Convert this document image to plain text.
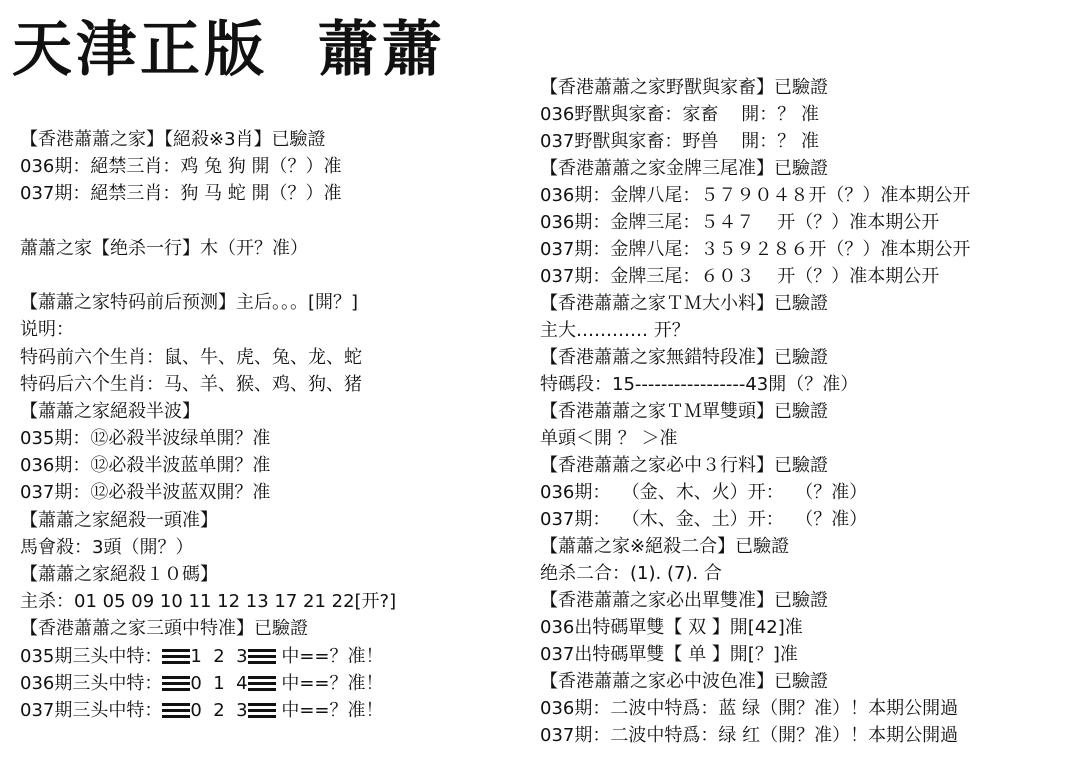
天津正版  蕭蕭
【香港蕭蕭之家】【絕殺※3肖】已驗證
036期：絕禁三肖：鸡 兔 狗 開（？）准
037期：絕禁三肖：狗 马 蛇 開（？）准
蕭蕭之家【绝杀一行】木（开？准）
【蕭蕭之家特码前后预测】主后。。。[開？]
说明：
特码前六个生肖：鼠、牛、虎、兔、龙、蛇
特码后六个生肖：马、羊、猴、鸡、狗、猪
【蕭蕭之家絕殺半波】
035期：⑫必殺半波绿单開？准
036期：⑫必殺半波蓝单開？准
037期：⑫必殺半波蓝双開？准
【蕭蕭之家絕殺一頭准】
馬會殺：3頭（開？）
【蕭蕭之家絕殺１０碼】
主杀：01 05 09 10 11 12 13 17 21 22[开?]
【香港蕭蕭之家三頭中特准】已驗證
035期三头中特： 1  2  3 中==？准！
036期三头中特： 0  1  4 中==？准！
037期三头中特： 0  2  3 中==？准！
【香港蕭蕭之家野獸與家畜】已驗證
036野獸與家畜：家畜    開：？ 准
037野獸與家畜：野兽    開：？ 准
【香港蕭蕭之家金牌三尾准】已驗證
036期：金牌八尾：５７９０４８开（？）准本期公开
036期：金牌三尾：５４７    开（？）准本期公开
037期：金牌八尾：３５９２８６开（？）准本期公开
037期：金牌三尾：６０３    开（？）准本期公开
【香港蕭蕭之家ＴＭ大小料】已驗證
主大………… 开？
【香港蕭蕭之家無錯特段准】已驗證
特碼段：15-----------------43開（？准）
【香港蕭蕭之家ＴＭ單雙頭】已驗證
单頭＜開 ？ ＞准
【香港蕭蕭之家必中３行料】已驗證
036期：  （金、木、火）开：  （？准）
037期：  （木、金、土）开：  （？准）
【蕭蕭之家※絕殺二合】已驗證
绝杀二合：(1). (7). 合
【香港蕭蕭之家必出單雙准】已驗證
036出特碼單雙【 双 】開[42]准
037出特碼單雙【 单 】開[？]准
【香港蕭蕭之家必中波色准】已驗證
036期：二波中特爲：蓝 绿（開？准）！本期公開過
037期：二波中特爲：绿 红（開？准）！本期公開過
